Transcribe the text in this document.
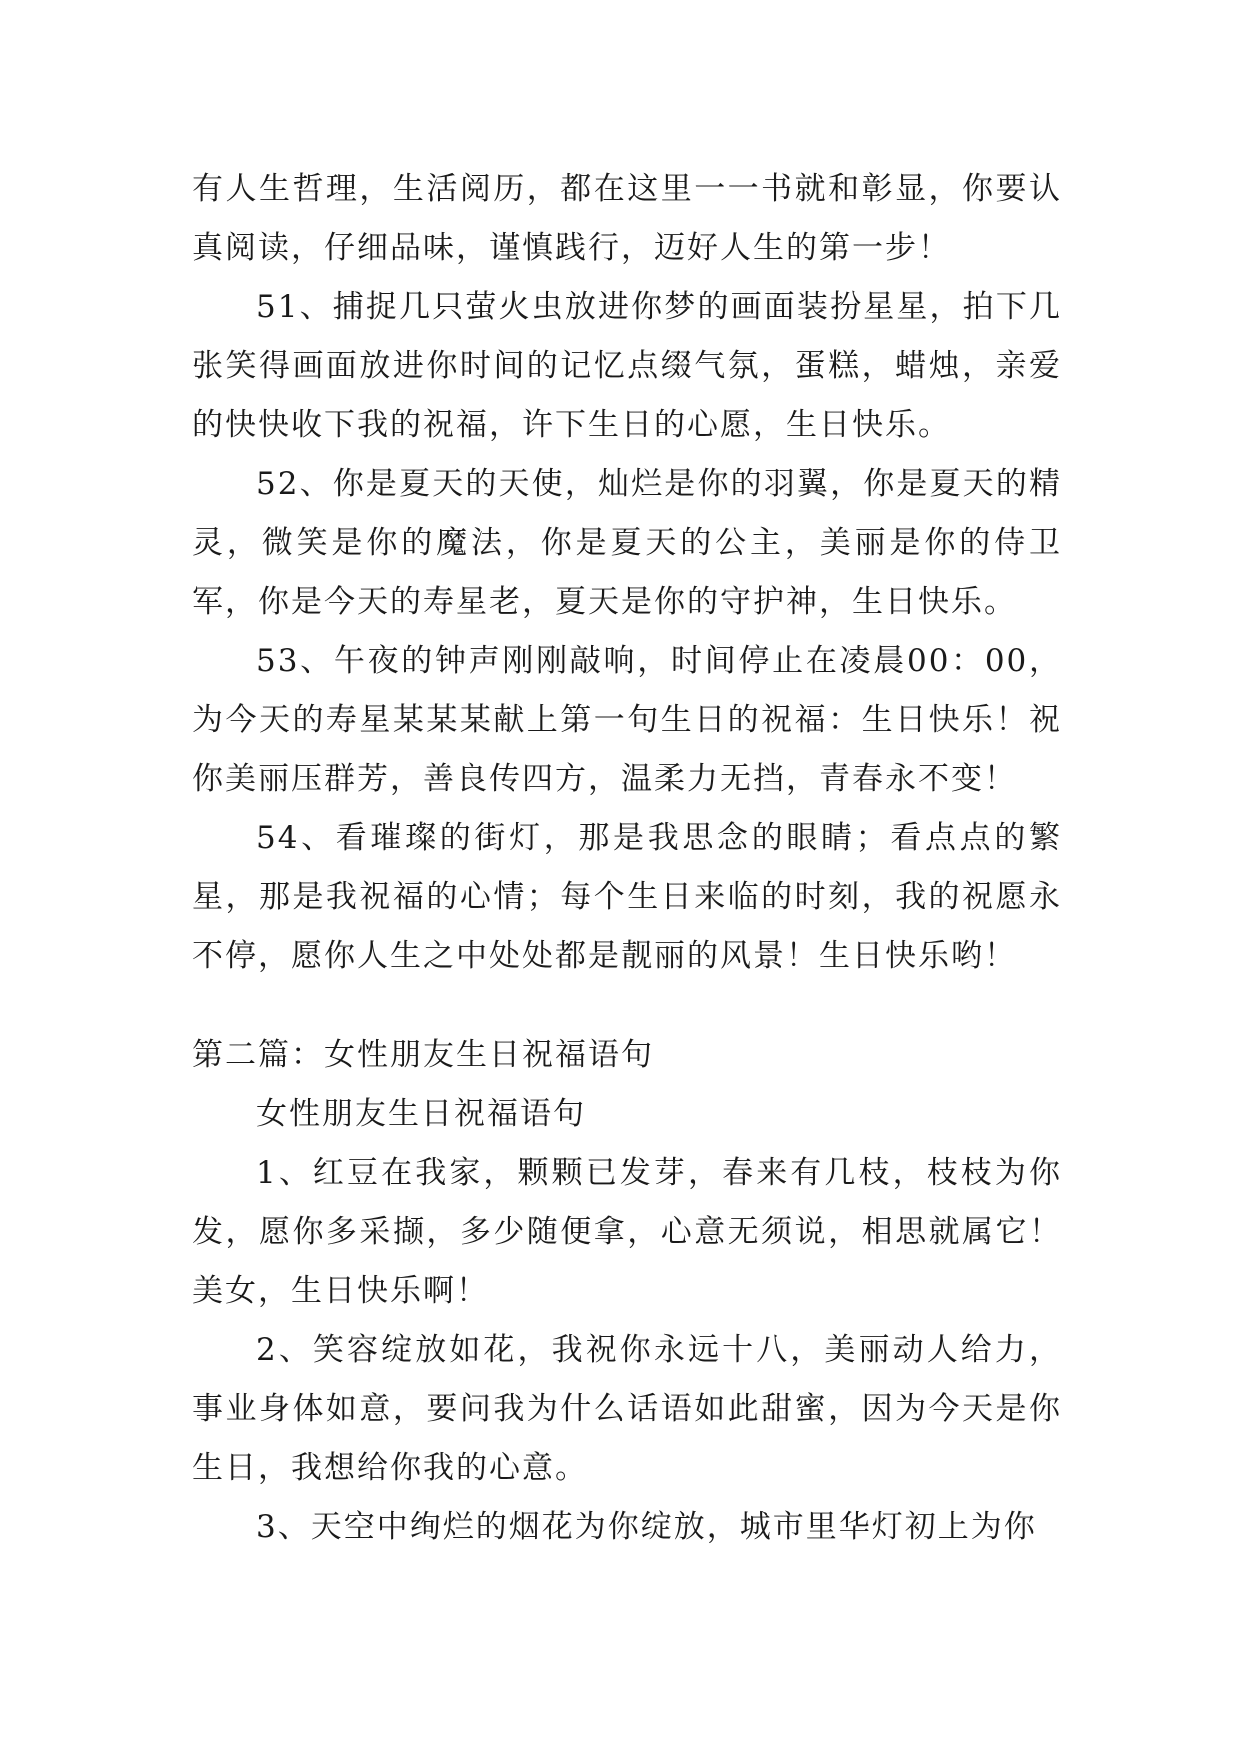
有人生哲理，生活阅历，都在这里一一书就和彰显，你要认真阅读，仔细品味，谨慎践行，迈好人生的第一步！

51、捕捉几只萤火虫放进你梦的画面装扮星星，拍下几张笑得画面放进你时间的记忆点缀气氛，蛋糕，蜡烛，亲爱的快快收下我的祝福，许下生日的心愿，生日快乐。

52、你是夏天的天使，灿烂是你的羽翼，你是夏天的精灵，微笑是你的魔法，你是夏天的公主，美丽是你的侍卫军，你是今天的寿星老，夏天是你的守护神，生日快乐。

53、午夜的钟声刚刚敲响，时间停止在凌晨00：00，为今天的寿星某某某献上第一句生日的祝福：生日快乐！祝你美丽压群芳，善良传四方，温柔力无挡，青春永不变！

54、看璀璨的街灯，那是我思念的眼睛；看点点的繁星，那是我祝福的心情；每个生日来临的时刻，我的祝愿永不停，愿你人生之中处处都是靓丽的风景！生日快乐哟！

第二篇：女性朋友生日祝福语句

女性朋友生日祝福语句

1、红豆在我家，颗颗已发芽，春来有几枝，枝枝为你发，愿你多采撷，多少随便拿，心意无须说，相思就属它！美女，生日快乐啊！

2、笑容绽放如花，我祝你永远十八，美丽动人给力，事业身体如意，要问我为什么话语如此甜蜜，因为今天是你生日，我想给你我的心意。

3、天空中绚烂的烟花为你绽放，城市里华灯初上为你
